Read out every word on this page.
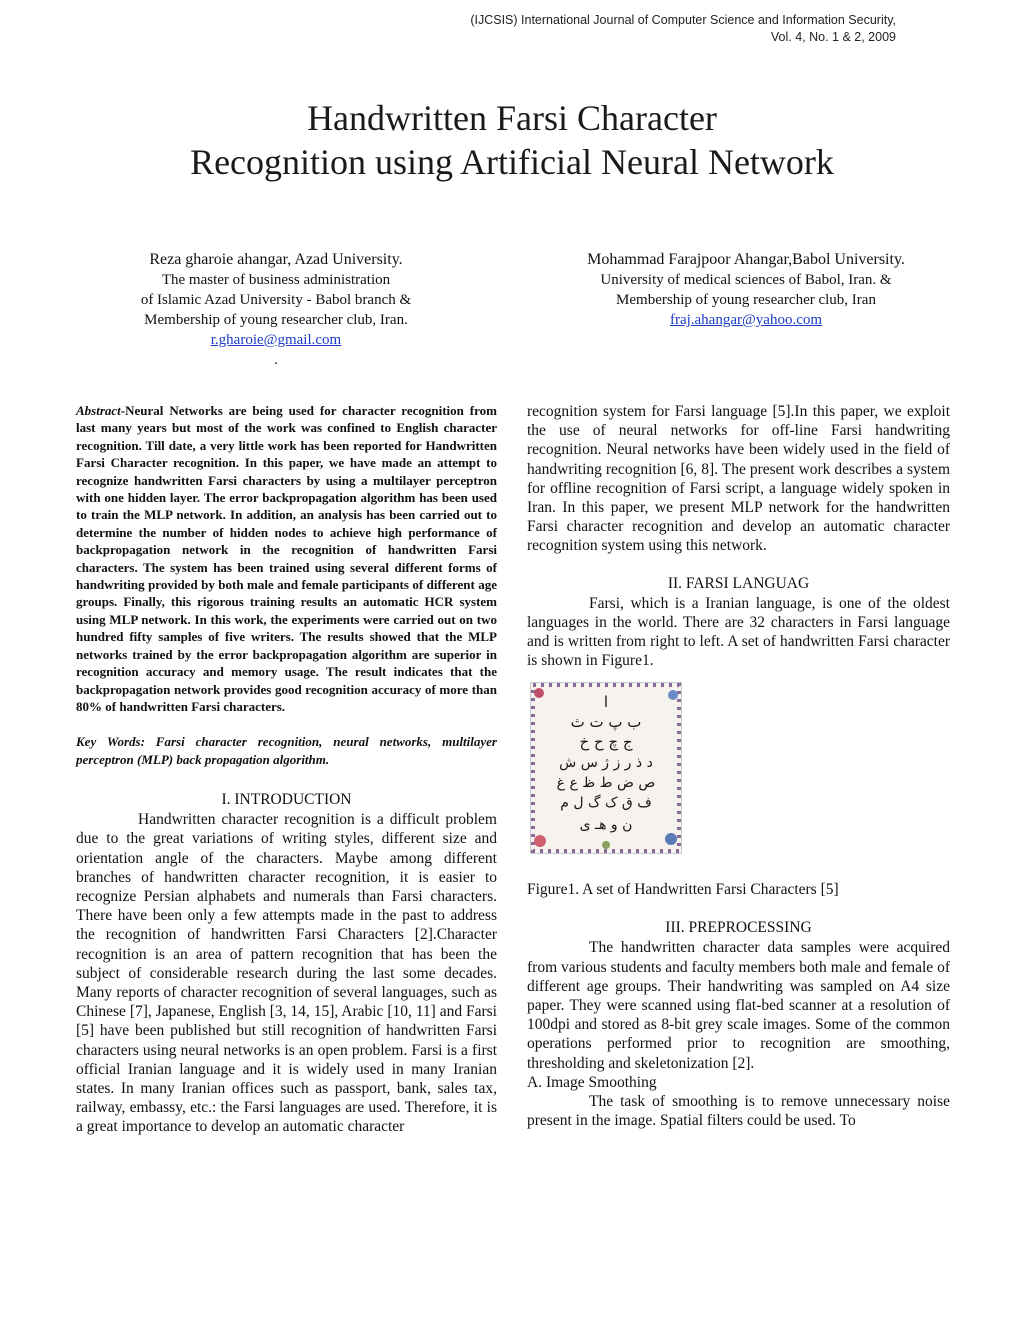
(IJCSIS) International Journal of Computer Science and Information Security,
Vol. 4, No. 1 & 2, 2009
Handwritten Farsi Character
Recognition using Artificial Neural Network
Reza gharoie ahangar, Azad University.
The master of business administration
of Islamic Azad University - Babol branch &
Membership of young researcher club, Iran.
r.gharoie@gmail.com
.
Mohammad Farajpoor Ahangar,Babol University.
University of medical sciences of Babol, Iran. &
Membership of young researcher club, Iran
fraj.ahangar@yahoo.com

Abstract-Neural Networks are being used for character recognition from last many years but most of the work was confined to English character recognition. Till date, a very little work has been reported for Handwritten Farsi Character recognition. In this paper, we have made an attempt to recognize handwritten Farsi characters by using a multilayer perceptron with one hidden layer. The error backpropagation algorithm has been used to train the MLP network. In addition, an analysis has been carried out to determine the number of hidden nodes to achieve high performance of backpropagation network in the recognition of handwritten Farsi characters. The system has been trained using several different forms of handwriting provided by both male and female participants of different age groups. Finally, this rigorous training results an automatic HCR system using MLP network. In this work, the experiments were carried out on two hundred fifty samples of five writers. The results showed that the MLP networks trained by the error backpropagation algorithm are superior in recognition accuracy and memory usage. The result indicates that the backpropagation network provides good recognition accuracy of more than 80% of handwritten Farsi characters.

Key Words: Farsi character recognition, neural networks, multilayer perceptron (MLP) back propagation algorithm.

I. INTRODUCTION

Handwritten character recognition is a difficult problem due to the great variations of writing styles, different size and orientation angle of the characters. Maybe among different branches of handwritten character recognition, it is easier to recognize Persian alphabets and numerals than Farsi characters. There have been only a few attempts made in the past to address the recognition of handwritten Farsi Characters [2].Character recognition is an area of pattern recognition that has been the subject of considerable research during the last some decades. Many reports of character recognition of several languages, such as Chinese [7], Japanese, English [3, 14, 15], Arabic [10, 11] and Farsi [5] have been published but still recognition of handwritten Farsi characters using neural networks is an open problem. Farsi is a first official Iranian language and it is widely used in many Iranian states. In many Iranian offices such as passport, bank, sales tax, railway, embassy, etc.: the Farsi languages are used. Therefore, it is a great importance to develop an automatic character

recognition system for Farsi language [5].In this paper, we exploit the use of neural networks for off-line Farsi handwriting recognition. Neural networks have been widely used in the field of handwriting recognition [6, 8]. The present work describes a system for offline recognition of Farsi script, a language widely spoken in Iran. In this paper, we present MLP network for the handwritten Farsi character recognition and develop an automatic character recognition system using this network.

II. FARSI LANGUAG

Farsi, which is a Iranian language, is one of the oldest languages in the world. There are 32 characters in Farsi language and is written from right to left. A set of handwritten Farsi character is shown in Figure1.

ا
ب پ ت ث
ج چ ح خ
د ذ ر ز ژ س ش
ص ض ط ظ ع غ
ف ق ک گ ل م
ن و هـ ی

Figure1. A set of Handwritten Farsi Characters [5]

III. PREPROCESSING

The handwritten character data samples were acquired from various students and faculty members both male and female of different age groups. Their handwriting was sampled on A4 size paper. They were scanned using flat-bed scanner at a resolution of 100dpi and stored as 8-bit grey scale images. Some of the common operations performed prior to recognition are smoothing, thresholding and skeletonization [2].

A. Image Smoothing

The task of smoothing is to remove unnecessary noise present in the image. Spatial filters could be used. To
